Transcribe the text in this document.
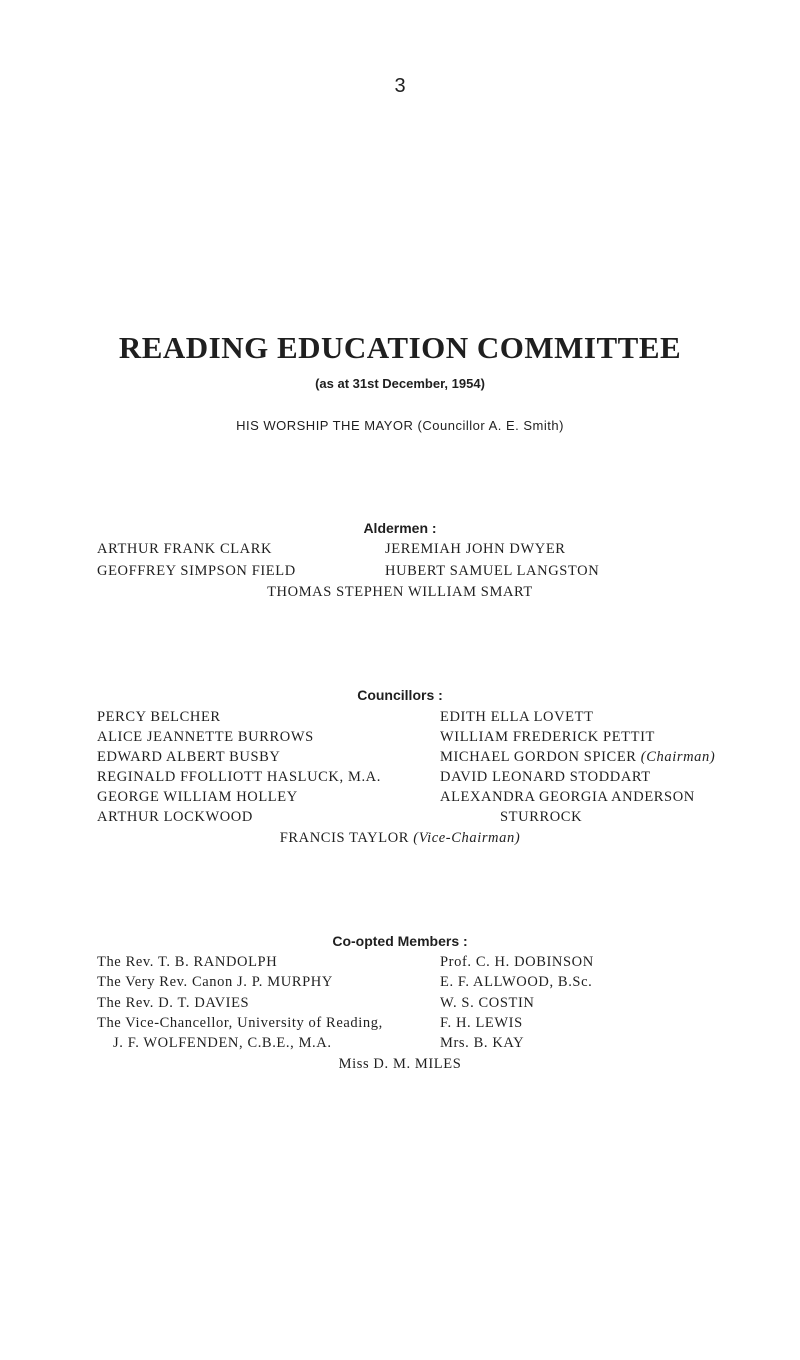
3
READING EDUCATION COMMITTEE
(as at 31st December, 1954)
HIS WORSHIP THE MAYOR (Councillor A. E. Smith)
Aldermen :
ARTHUR FRANK CLARK
GEOFFREY SIMPSON FIELD
JEREMIAH JOHN DWYER
HUBERT SAMUEL LANGSTON
THOMAS STEPHEN WILLIAM SMART
Councillors :
PERCY BELCHER
ALICE JEANNETTE BURROWS
EDWARD ALBERT BUSBY
REGINALD FFOLLIOTT HASLUCK, M.A.
GEORGE WILLIAM HOLLEY
ARTHUR LOCKWOOD
EDITH ELLA LOVETT
WILLIAM FREDERICK PETTIT
MICHAEL GORDON SPICER (Chairman)
DAVID LEONARD STODDART
ALEXANDRA GEORGIA ANDERSON
STURROCK
FRANCIS TAYLOR (Vice-Chairman)
Co-opted Members :
The Rev. T. B. RANDOLPH
The Very Rev. Canon J. P. MURPHY
The Rev. D. T. DAVIES
The Vice-Chancellor, University of Reading,
J. F. WOLFENDEN, C.B.E., M.A.
Prof. C. H. DOBINSON
E. F. ALLWOOD, B.Sc.
W. S. COSTIN
F. H. LEWIS
Mrs. B. KAY
Miss D. M. MILES
